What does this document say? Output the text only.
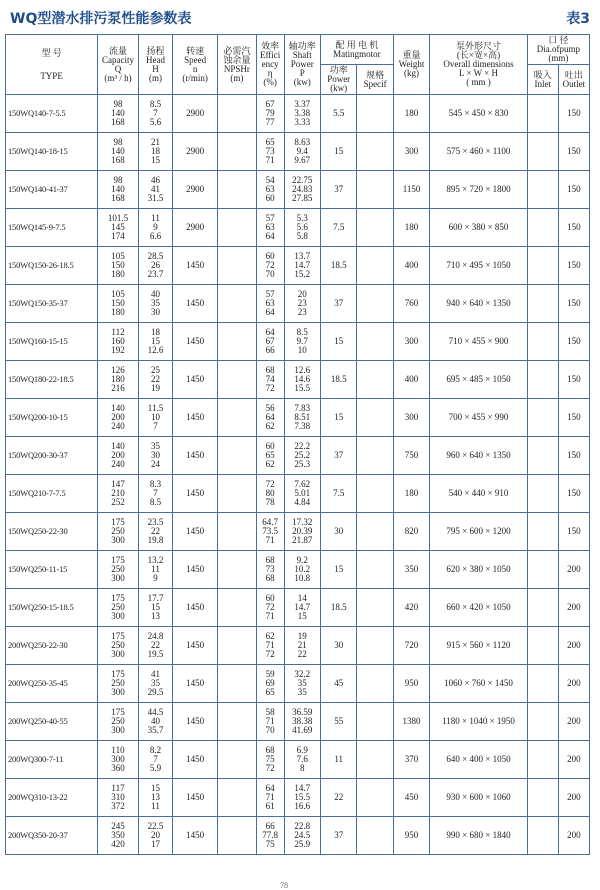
WQ型潜水排污泵性能参数表	表3
型 号
TYPE	流量
Capacity
Q
(m³ / h)	扬程
Head
H
(m)	转速
Speed
n
(r/min)	必需汽
蚀余量
NPSHr
(m)	效率
Effici
ency
η
(%)	轴功率
Shaft
Power
P
(kw)	配 用 电 机
Matingmotor		重量
Weight
(kg)	泵外形尺寸
(长×宽×高)
Overall dimensions
L × W × H
( mm )	口 径
Dia.ofpump
(mm)	

							功率
Power
(kw)	规格
Specif			吸入
Inlet	吐出
Outlet

150WQ140-7-5.5	98
140
168	8.5
7
5.6	2900		67
79
77	3.37
3.38
3.33	5.5		180	545 × 450 × 830		150
150WQ140-18-15	98
140
168	21
18
15	2900		65
73
71	8.63
9.4
9.67	15		300	575 × 460 × 1100		150
150WQ140-41-37	98
140
168	46
41
31.5	2900		54
63
60	22.75
24.83
27.85	37		1150	895 × 720 × 1800		150
150WQ145-9-7.5	101.5
145
174	11
9
6.6	2900		57
63
64	5.3
5.6
5.8	7.5		180	600 × 380 × 850		150
150WQ150-26-18.5	105
150
180	28.5
26
23.7	1450		60
72
70	13.7
14.7
15.2	18.5		400	710 × 495 × 1050		150
150WQ150-35-37	105
150
180	40
35
30	1450		57
63
64	20
23
23	37		760	940 × 640 × 1350		150
150WQ160-15-15	112
160
192	18
15
12.6	1450		64
67
66	8.5
9.7
10	15		300	710 × 455 × 900		150
150WQ180-22-18.5	126
180
216	25
22
19	1450		68
74
72	12.6
14.6
15.5	18.5		400	695 × 485 × 1050		150
150WQ200-10-15	140
200
240	11.5
10
7	1450		56
64
62	7.83
8.51
7.38	15		300	700 × 455 × 990		150
150WQ200-30-37	140
200
240	35
30
24	1450		60
65
62	22.2
25.2
25.3	37		750	960 × 640 × 1350		150
150WQ210-7-7.5	147
210
252	8.3
7
8.5	1450		72
80
78	7.62
5.01
4.84	7.5		180	540 × 440 × 910		150
150WQ250-22-30	175
250
300	23.5
22
19.8	1450		64.7
73.5
71	17.32
20.39
21.87	30		820	795 × 600 × 1200		150
150WQ250-11-15	175
250
300	13.2
11
9	1450		68
73
68	9.2
10.2
10.8	15		350	620 × 380 × 1050		200
150WQ250-15-18.5	175
250
300	17.7
15
13	1450		60
72
71	14
14.7
15	18.5		420	660 × 420 × 1050		200
200WQ250-22-30	175
250
300	24.8
22
19.5	1450		62
71
72	19
21
22	30		720	915 × 560 × 1120		200
200WQ250-35-45	175
250
300	41
35
29.5	1450		59
69
65	32.2
35
35	45		950	1060 × 760 × 1450		200
200WQ250-40-55	175
250
300	44.5
40
35.7	1450		58
71
70	36.59
38.38
41.69	55		1380	1180 × 1040 × 1950		200
200WQ300-7-11	110
300
360	8.2
7
5.9	1450		68
75
72	6.9
7.6
8	11		370	640 × 400 × 1050		200
200WQ310-13-22	117
310
372	15
13
11	1450		64
71
61	14.7
15.5
16.6	22		450	930 × 600 × 1060		200
200WQ350-20-37	245
350
420	22.5
20
17	1450		66
77.8
75	22.8
24.5
25.9	37		950	990 × 680 × 1840		200
78
